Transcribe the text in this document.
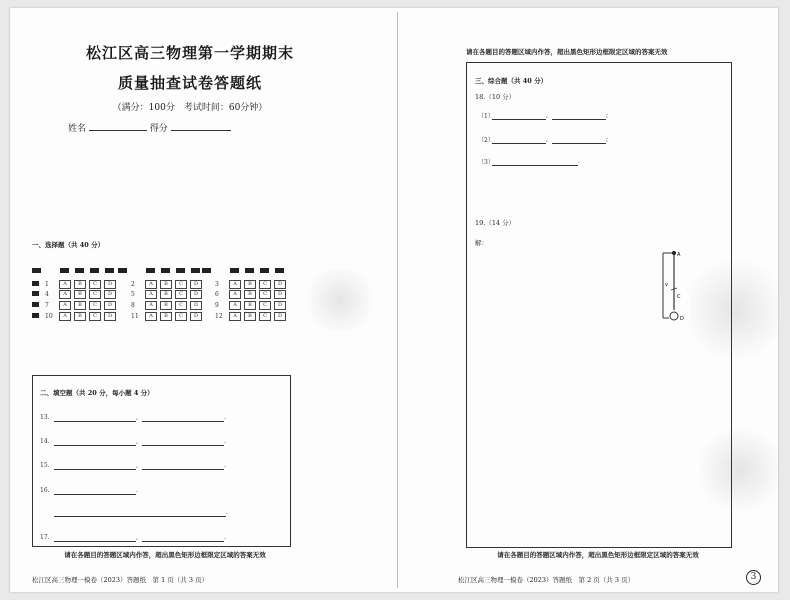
松江区高三物理第一学期期末
质量抽查试卷答题纸
（满分：100分　考试时间：60分钟）
姓名	得分
一、选择题（共 40 分）
1	A	B	C	D	2	A	B	C	D	3	A	B	C	D
4	A	B	C	D	5	A	B	C	D	6	A	B	C	D
7	A	B	C	D	8	A	B	C	D	9	A	B	C	D
10	A	B	C	D	11	A	B	C	D	12	A	B	C	D
二、填空题（共 20 分，每小题 4 分）
13.	,	.
14.	,	.
15.	,	.
16.	.
.
17.	,	.
请在各题目的答题区域内作答，超出黑色矩形边框限定区域的答案无效
松江区高三物理一模卷（2023）答题纸　第 1 页（共 3 页）
请在各题目的答题区域内作答，超出黑色矩形边框限定区域的答案无效
三、综合题（共 40 分）
18.（10 分）
（1）	,	;
（2）	,	;
（3）	.
19.（14 分）
解：
A
v
C
D
请在各题目的答题区域内作答，超出黑色矩形边框限定区域的答案无效
松江区高三物理一模卷（2023）答题纸　第 2 页（共 3 页）	3
